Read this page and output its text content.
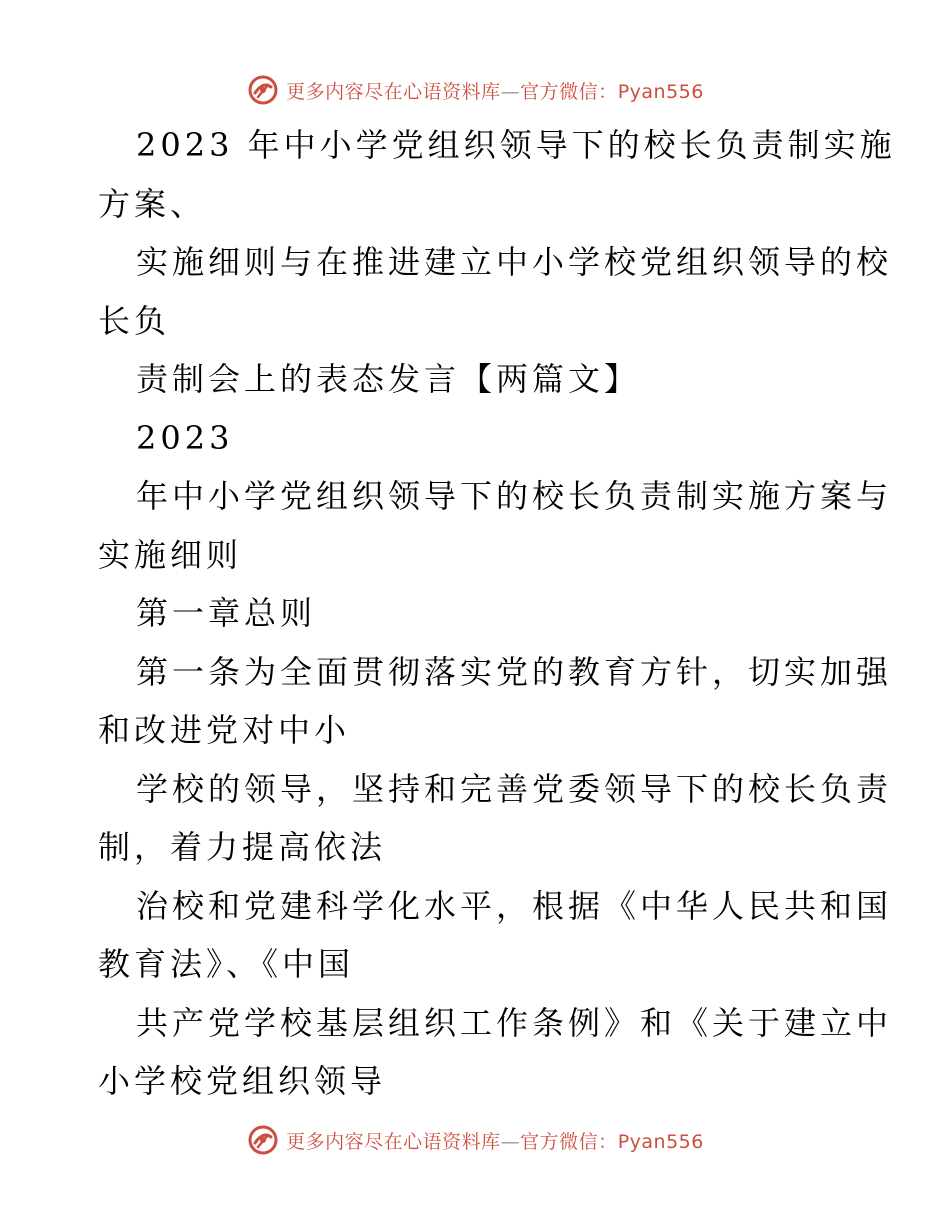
更多内容尽在心语资料库—官方微信：Pyan556
2023 年中小学党组织领导下的校长负责制实施
方案、
实施细则与在推进建立中小学校党组织领导的校
长负
责制会上的表态发言【两篇文】
2023
年中小学党组织领导下的校长负责制实施方案与
实施细则
第一章总则
第一条为全面贯彻落实党的教育方针，切实加强
和改进党对中小
学校的领导，坚持和完善党委领导下的校长负责
制，着力提高依法
治校和党建科学化水平，根据《中华人民共和国
教育法》、《中国
共产党学校基层组织工作条例》和《关于建立中
小学校党组织领导
更多内容尽在心语资料库—官方微信：Pyan556
